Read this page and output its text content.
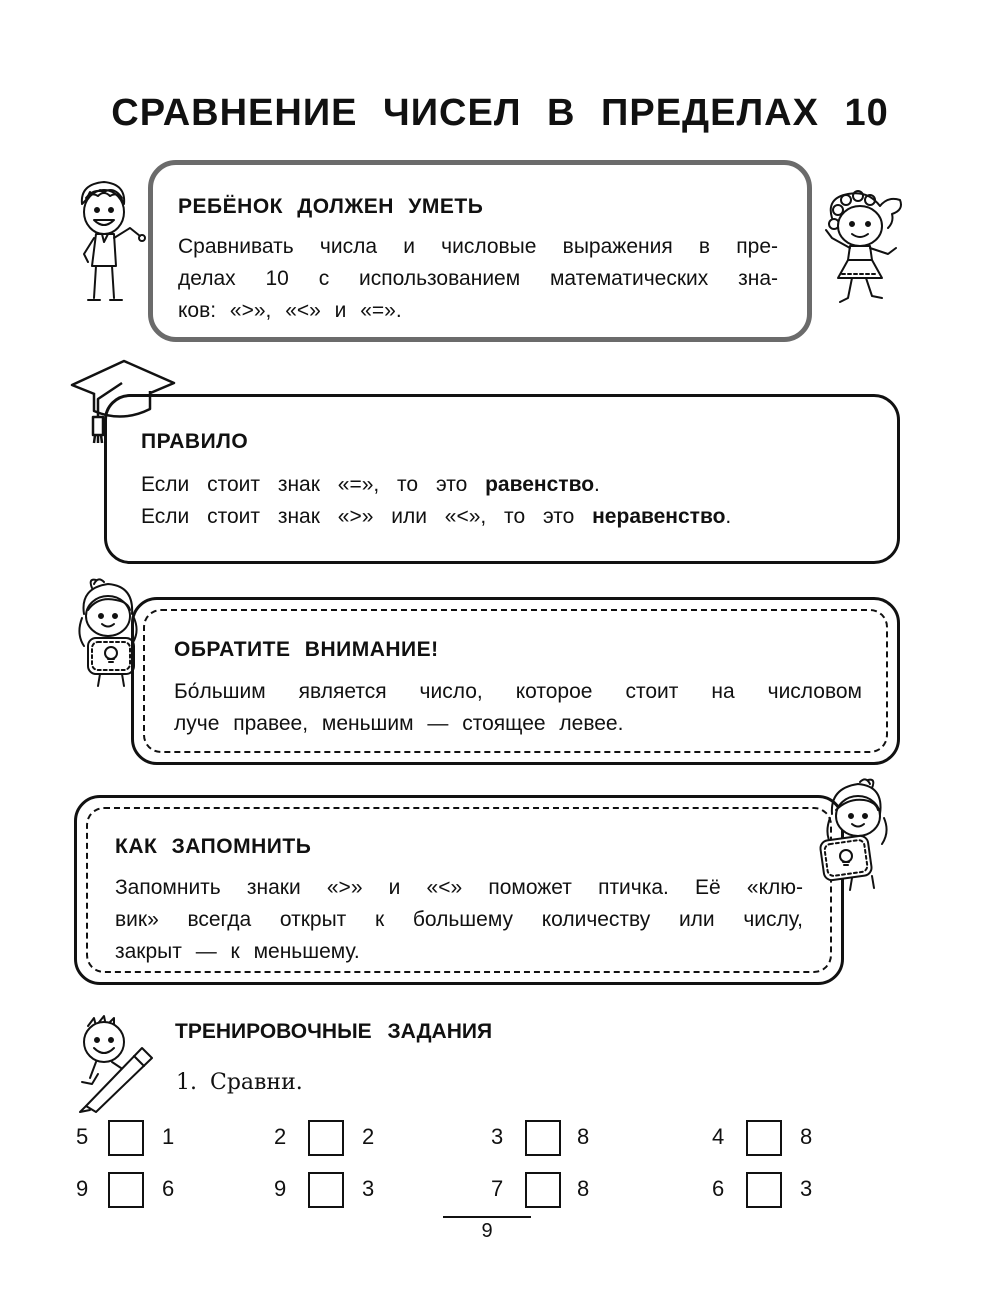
СРАВНЕНИЕ ЧИСЕЛ В ПРЕДЕЛАХ 10
РЕБЁНОК ДОЛЖЕН УМЕТЬ
Сравнивать числа и числовые выражения в пре-
делах 10 с использованием математических зна-
ков: «>», «<» и «=».
ПРАВИЛО
Если стоит знак «=», то это равенство.
Если стоит знак «>» или «<», то это неравенство.
ОБРАТИТЕ ВНИМАНИЕ!
Бо́льшим является число, которое стоит на числовом
луче правее, меньшим — стоящее левее.
КАК ЗАПОМНИТЬ
Запомнить знаки «>» и «<» поможет птичка. Её «клю-
вик» всегда открыт к большему количеству или числу,
закрыт — к меньшему.
ТРЕНИРОВОЧНЫЕ ЗАДАНИЯ
1. Сравни.
5	1	2	2	3	8	4	8
9	6	9	3	7	8	6	3
9
